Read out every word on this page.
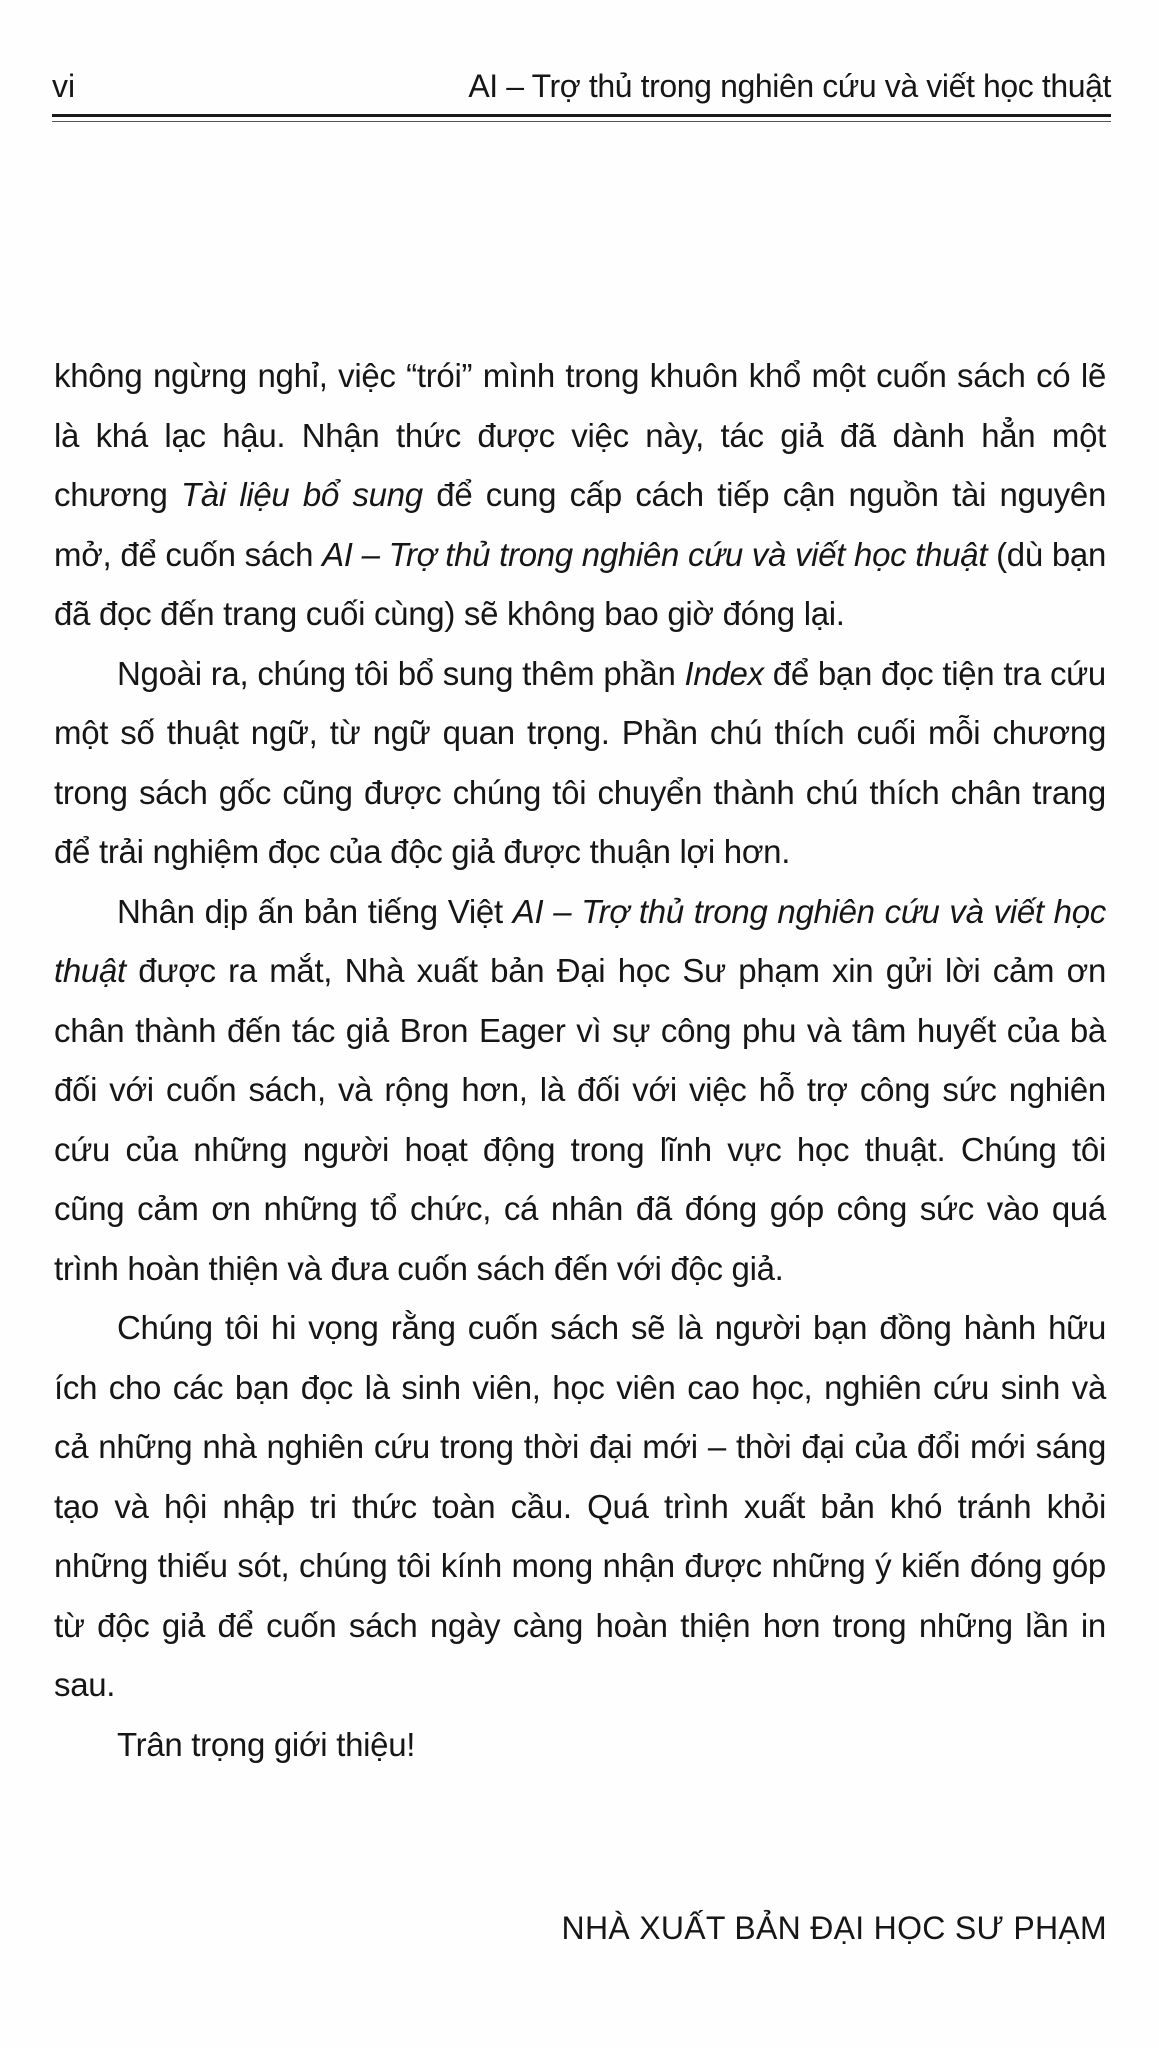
vi	AI – Trợ thủ trong nghiên cứu và viết học thuật

không ngừng nghỉ, việc “trói” mình trong khuôn khổ một cuốn sách có lẽ là khá lạc hậu. Nhận thức được việc này, tác giả đã dành hẳn một chương Tài liệu bổ sung để cung cấp cách tiếp cận nguồn tài nguyên mở, để cuốn sách AI – Trợ thủ trong nghiên cứu và viết học thuật (dù bạn đã đọc đến trang cuối cùng) sẽ không bao giờ đóng lại.

Ngoài ra, chúng tôi bổ sung thêm phần Index để bạn đọc tiện tra cứu một số thuật ngữ, từ ngữ quan trọng. Phần chú thích cuối mỗi chương trong sách gốc cũng được chúng tôi chuyển thành chú thích chân trang để trải nghiệm đọc của độc giả được thuận lợi hơn.

Nhân dịp ấn bản tiếng Việt AI – Trợ thủ trong nghiên cứu và viết học thuật được ra mắt, Nhà xuất bản Đại học Sư phạm xin gửi lời cảm ơn chân thành đến tác giả Bron Eager vì sự công phu và tâm huyết của bà đối với cuốn sách, và rộng hơn, là đối với việc hỗ trợ công sức nghiên cứu của những người hoạt động trong lĩnh vực học thuật. Chúng tôi cũng cảm ơn những tổ chức, cá nhân đã đóng góp công sức vào quá trình hoàn thiện và đưa cuốn sách đến với độc giả.

Chúng tôi hi vọng rằng cuốn sách sẽ là người bạn đồng hành hữu ích cho các bạn đọc là sinh viên, học viên cao học, nghiên cứu sinh và cả những nhà nghiên cứu trong thời đại mới – thời đại của đổi mới sáng tạo và hội nhập tri thức toàn cầu. Quá trình xuất bản khó tránh khỏi những thiếu sót, chúng tôi kính mong nhận được những ý kiến đóng góp từ độc giả để cuốn sách ngày càng hoàn thiện hơn trong những lần in sau.

Trân trọng giới thiệu!

NHÀ XUẤT BẢN ĐẠI HỌC SƯ PHẠM
